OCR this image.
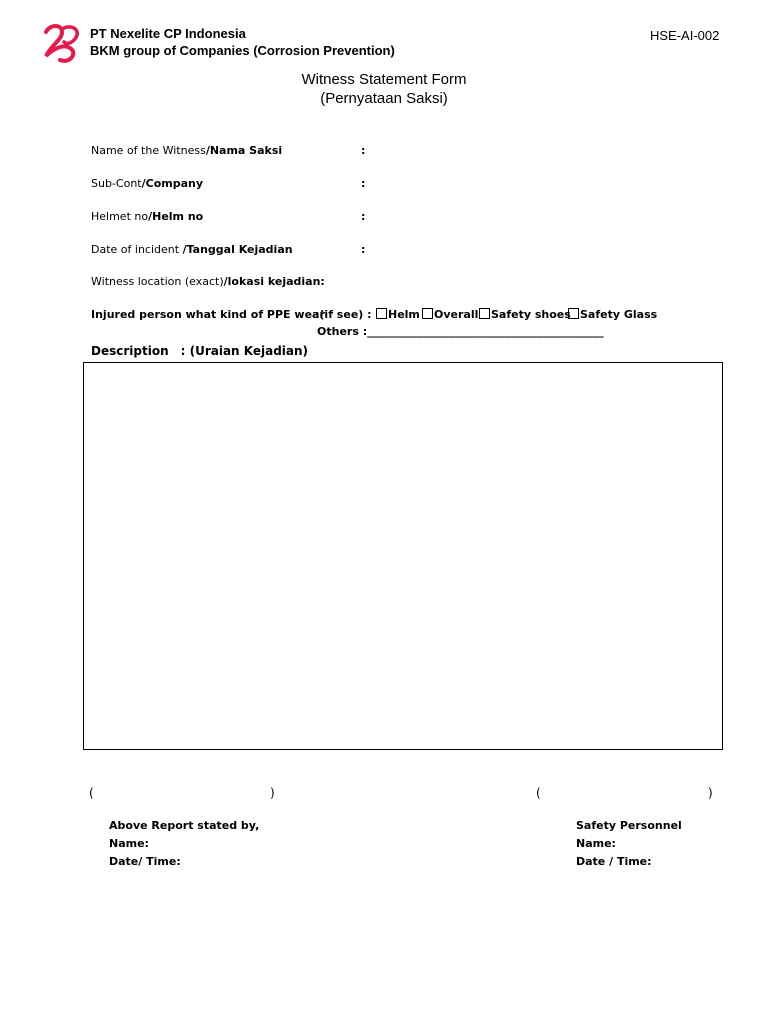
PT Nexelite CP Indonesia
BKM group of Companies (Corrosion Prevention)
HSE-AI-002
Witness Statement Form
(Pernyataan Saksi)
Name of the Witness/Nama Saksi	:
Sub-Cont/Company	:
Helmet no/Helm no	:
Date of incident /Tanggal Kejadian	:
Witness location (exact)/lokasi kejadian:
Injured person what kind of PPE wear
:(if see) :	Helm	Overall	Safety shoes Safety Glass
Others :___________________________________________
Description : (Uraian Kejadian)
(	)	(	)
Above Report stated by,
Name:
Date/ Time:
Safety Personnel
Name:
Date / Time:
